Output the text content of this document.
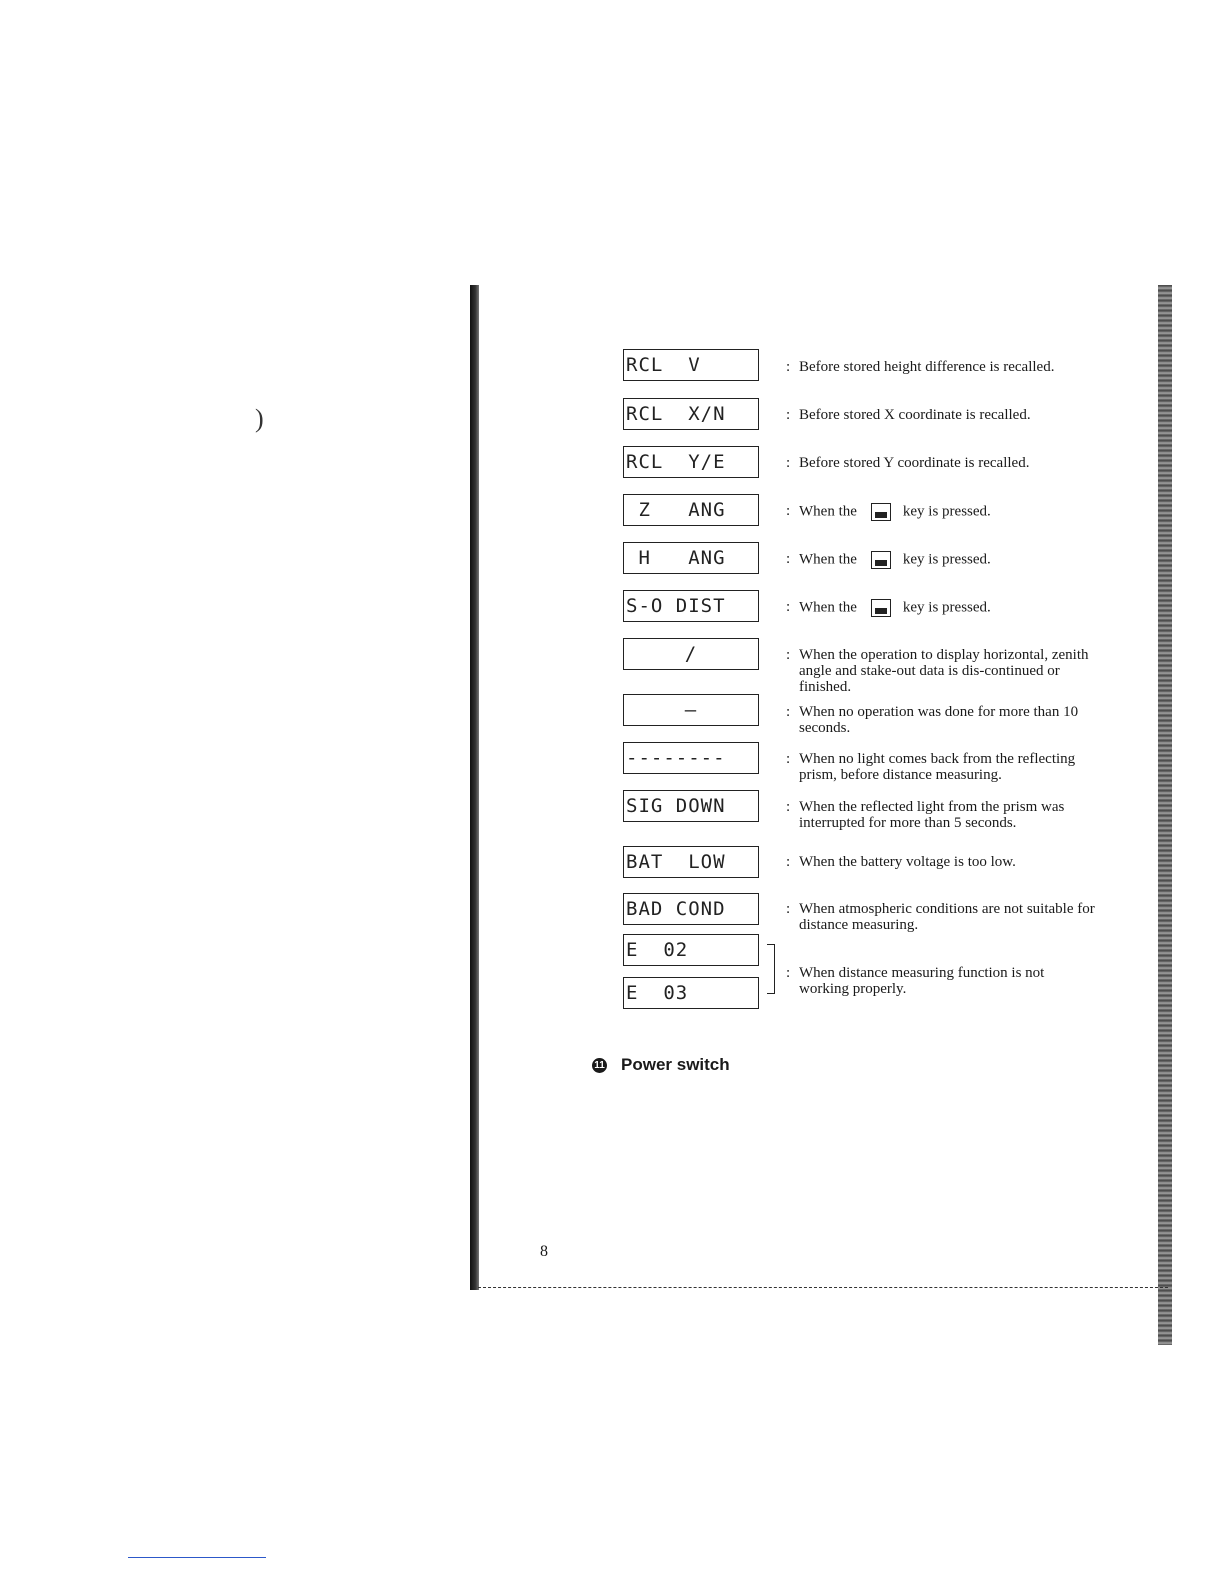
)
RCL  V	: Before stored height difference is recalled.
RCL  X/N	: Before stored X coordinate is recalled.
RCL  Y/E	: Before stored Y coordinate is recalled.
Z   ANG	: When the	key is pressed.
H   ANG	: When the	key is pressed.
S-O DIST	: When the	key is pressed.
/	: When the operation to display horizontal, zenith angle and stake-out data is dis-continued or finished.
–	: When no operation was done for more than 10 seconds.
--------	: When no light comes back from the reflecting prism, before distance measuring.
SIG DOWN	: When the reflected light from the prism was interrupted for more than 5 seconds.
BAT  LOW	: When the battery voltage is too low.
BAD COND	: When atmospheric conditions are not suitable for distance measuring.
E  02
E  03
: When distance measuring function is not working properly.
11 Power switch
8
